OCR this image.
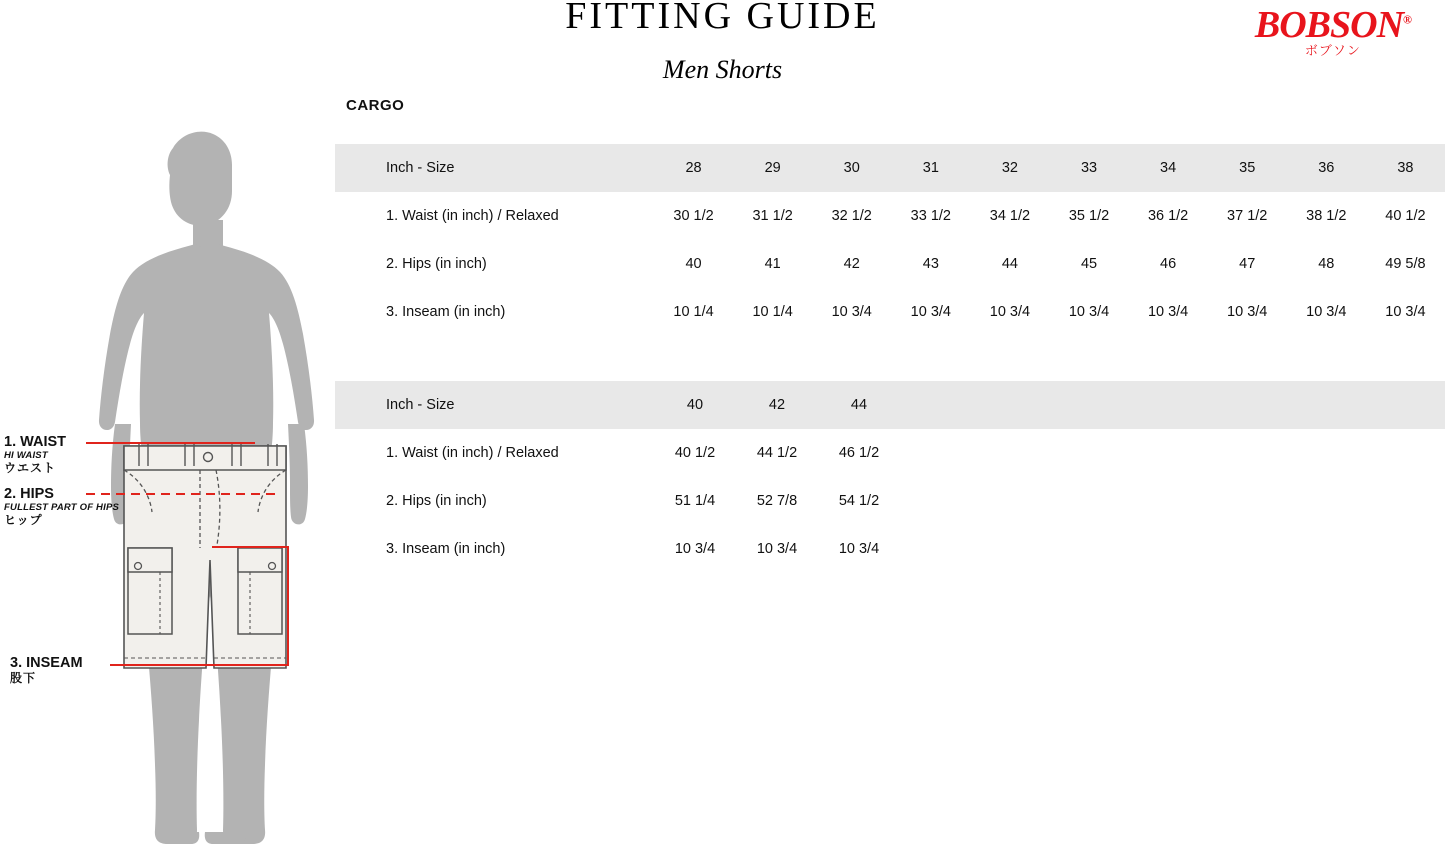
FITTING GUIDE
Men Shorts
BOBSON®
ボブソン
CARGO
1. WAIST
HI WAIST
ウエスト
2. HIPS
FULLEST PART OF HIPS
ヒップ
3. INSEAM
股下
Inch - Size	28	29	30	31	32	33	34	35	36	38
1. Waist (in inch) / Relaxed	30 1/2	31 1/2	32 1/2	33 1/2	34 1/2	35 1/2	36 1/2	37 1/2	38 1/2	40 1/2
2. Hips (in inch)	40	41	42	43	44	45	46	47	48	49 5/8
3. Inseam (in inch)	10 1/4	10 1/4	10 3/4	10 3/4	10 3/4	10 3/4	10 3/4	10 3/4	10 3/4	10 3/4
Inch - Size	40	42	44	
1. Waist (in inch) / Relaxed	40 1/2	44 1/2	46 1/2	
2. Hips (in inch)	51 1/4	52 7/8	54 1/2	
3. Inseam (in inch)	10 3/4	10 3/4	10 3/4	
